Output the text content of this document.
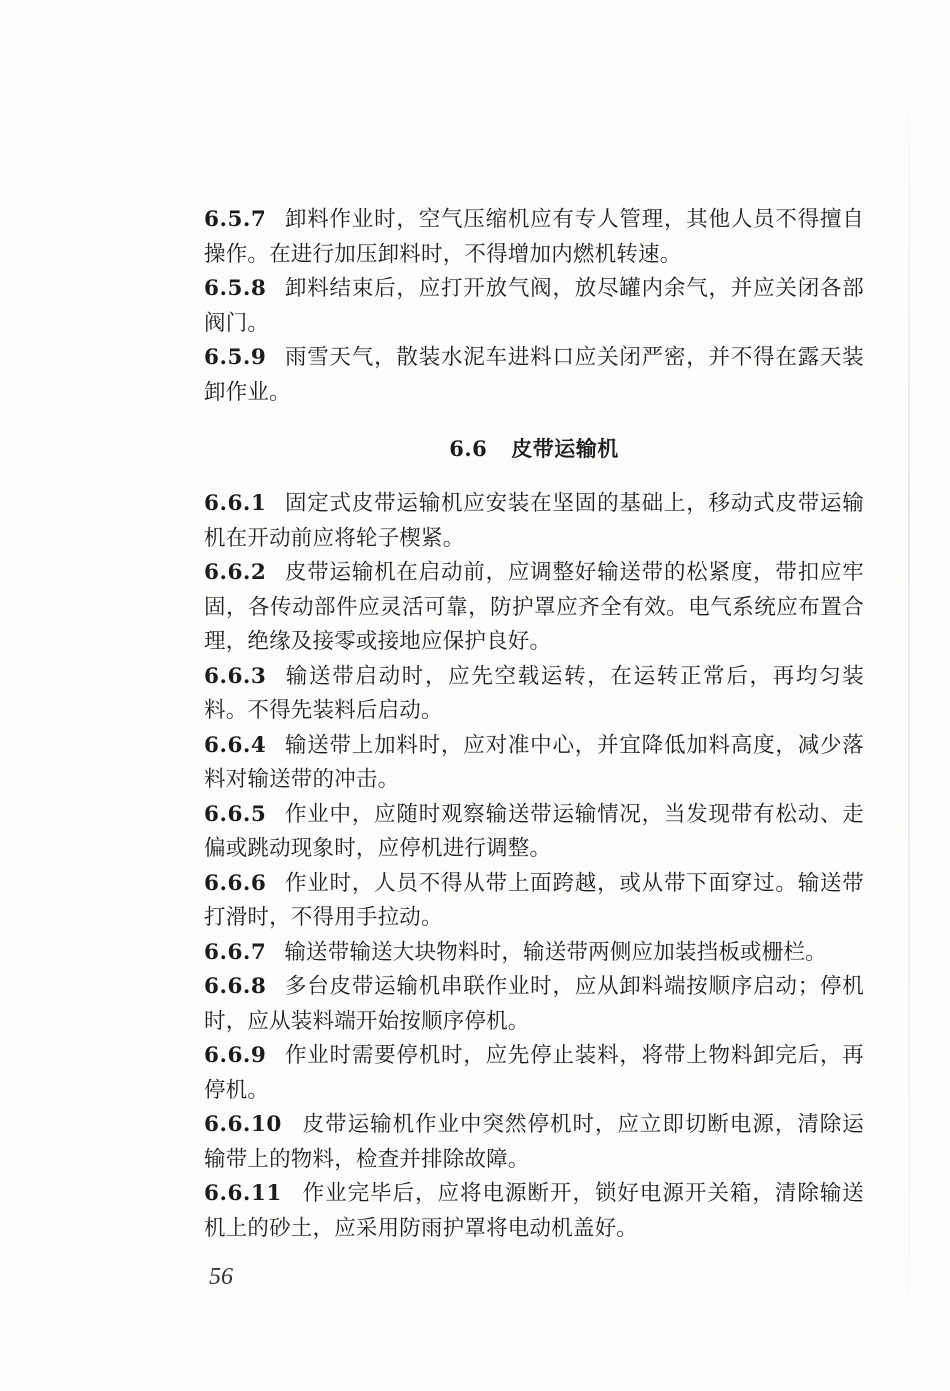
6.5.7 卸料作业时，空气压缩机应有专人管理，其他人员不得擅自操作。在进行加压卸料时，不得增加内燃机转速。

6.5.8 卸料结束后，应打开放气阀，放尽罐内余气，并应关闭各部阀门。

6.5.9 雨雪天气，散装水泥车进料口应关闭严密，并不得在露天装卸作业。

6.6 皮带运输机

6.6.1 固定式皮带运输机应安装在坚固的基础上，移动式皮带运输机在开动前应将轮子楔紧。

6.6.2 皮带运输机在启动前，应调整好输送带的松紧度，带扣应牢固，各传动部件应灵活可靠，防护罩应齐全有效。电气系统应布置合理，绝缘及接零或接地应保护良好。

6.6.3 输送带启动时，应先空载运转，在运转正常后，再均匀装料。不得先装料后启动。

6.6.4 输送带上加料时，应对准中心，并宜降低加料高度，减少落料对输送带的冲击。

6.6.5 作业中，应随时观察输送带运输情况，当发现带有松动、走偏或跳动现象时，应停机进行调整。

6.6.6 作业时，人员不得从带上面跨越，或从带下面穿过。输送带打滑时，不得用手拉动。

6.6.7 输送带输送大块物料时，输送带两侧应加装挡板或栅栏。

6.6.8 多台皮带运输机串联作业时，应从卸料端按顺序启动；停机时，应从装料端开始按顺序停机。

6.6.9 作业时需要停机时，应先停止装料，将带上物料卸完后，再停机。

6.6.10 皮带运输机作业中突然停机时，应立即切断电源，清除运输带上的物料，检查并排除故障。

6.6.11 作业完毕后，应将电源断开，锁好电源开关箱，清除输送机上的砂土，应采用防雨护罩将电动机盖好。

56
